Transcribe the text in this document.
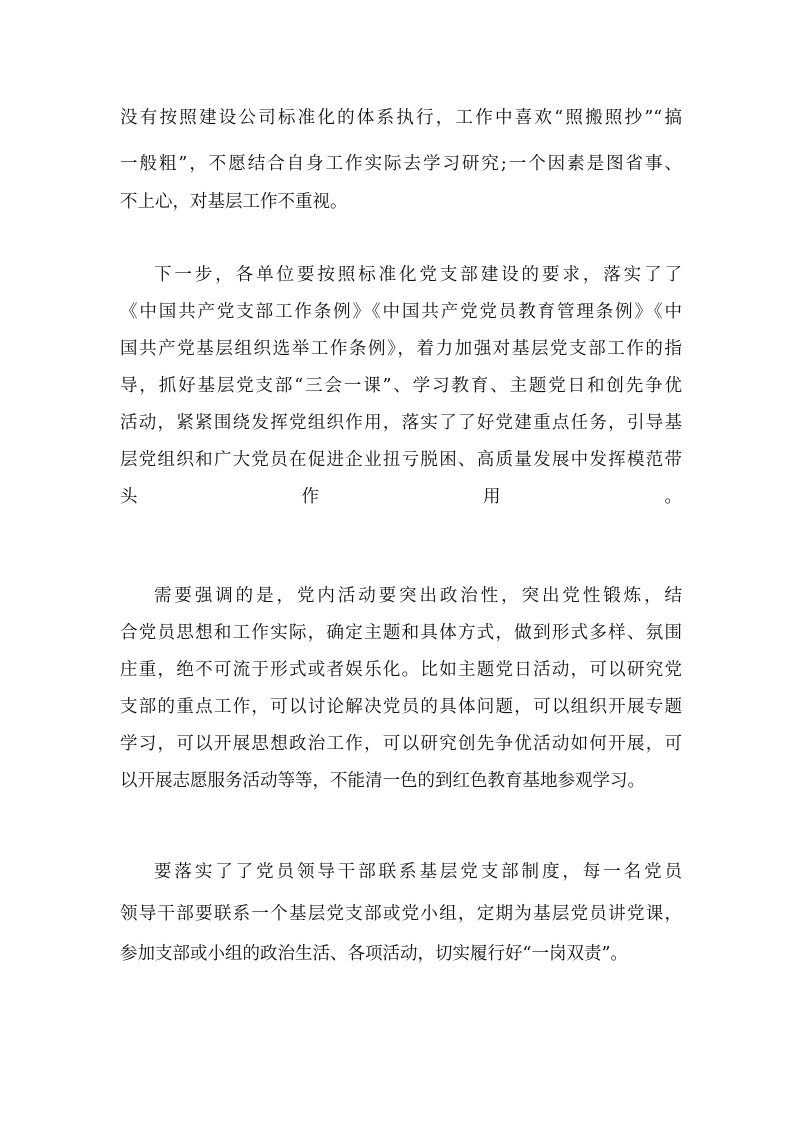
没有按照建设公司标准化的体系执行，工作中喜欢“照搬照抄”“搞
一般粗”，不愿结合自身工作实际去学习研究;一个因素是图省事、
不上心，对基层工作不重视。
下一步，各单位要按照标准化党支部建设的要求，落实了了
《中国共产党支部工作条例》《中国共产党党员教育管理条例》《中
国共产党基层组织选举工作条例》，着力加强对基层党支部工作的指
导，抓好基层党支部“三会一课”、学习教育、主题党日和创先争优
活动，紧紧围绕发挥党组织作用，落实了了好党建重点任务，引导基
层党组织和广大党员在促进企业扭亏脱困、高质量发展中发挥模范带
头作用。
需要强调的是，党内活动要突出政治性，突出党性锻炼，结
合党员思想和工作实际，确定主题和具体方式，做到形式多样、氛围
庄重，绝不可流于形式或者娱乐化。比如主题党日活动，可以研究党
支部的重点工作，可以讨论解决党员的具体问题，可以组织开展专题
学习，可以开展思想政治工作，可以研究创先争优活动如何开展，可
以开展志愿服务活动等等，不能清一色的到红色教育基地参观学习。
要落实了了党员领导干部联系基层党支部制度，每一名党员
领导干部要联系一个基层党支部或党小组，定期为基层党员讲党课，
参加支部或小组的政治生活、各项活动，切实履行好“一岗双责”。
